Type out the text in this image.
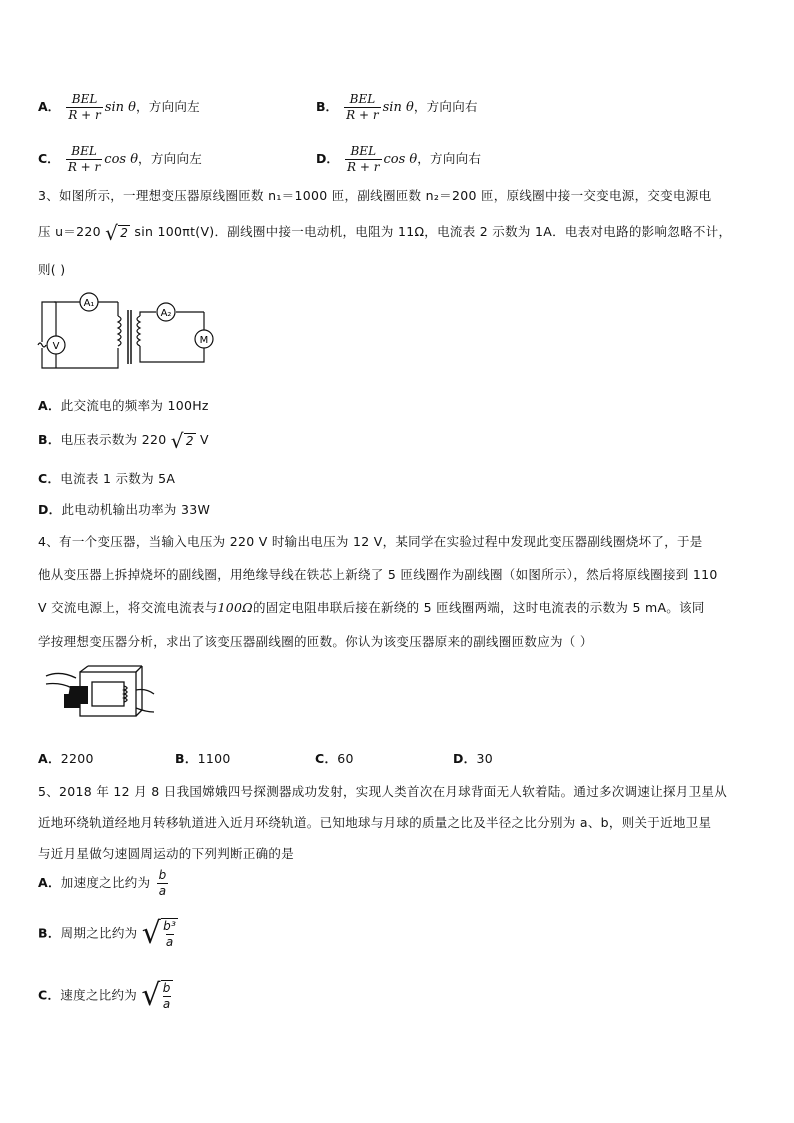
A． $\frac{\text{BEL}}{R + r}$ sin θ，方向向左	B． $\frac{\text{BEL}}{R + r}$ sin θ，方向向右
C． $\frac{\text{BEL}}{R + r}$ cos θ，方向向左	D． $\frac{\text{BEL}}{R + r}$ cos θ，方向向右
3、如图所示，一理想变压器原线圈匝数 n₁＝1000 匝，副线圈匝数 n₂＝200 匝，原线圈中接一交变电源，交变电源电
压 u＝220 √ 2 sin 100πt(V)．副线圈中接一电动机，电阻为 11Ω，电流表 2 示数为 1A．电表对电路的影响忽略不计，
则( )
A₁
V
A₂
M
A．此交流电的频率为 100Hz
B．电压表示数为 220 √ 2 V
C．电流表 1 示数为 5A
D．此电动机输出功率为 33W
4、有一个变压器，当输入电压为 220 V 时输出电压为 12 V，某同学在实验过程中发现此变压器副线圈烧坏了，于是
他从变压器上拆掉烧坏的副线圈，用绝缘导线在铁芯上新绕了 5 匝线圈作为副线圈（如图所示），然后将原线圈接到 110
V 交流电源上，将交流电流表与100Ω的固定电阻串联后接在新绕的 5 匝线圈两端，这时电流表的示数为 5 mA。该同
学按理想变压器分析，求出了该变压器副线圈的匝数。你认为该变压器原来的副线圈匝数应为（ ）
A．2200	B．1100	C．60	D．30
5、2018 年 12 月 8 日我国嫦娥四号探测器成功发射，实现人类首次在月球背面无人软着陆。通过多次调速让探月卫星从
近地环绕轨道经地月转移轨道进入近月环绕轨道。已知地球与月球的质量之比及半径之比分别为 a、b，则关于近地卫星
与近月星做匀速圆周运动的下列判断正确的是
A．加速度之比约为 $\frac{b}{a}$
B．周期之比约为 √ $\frac{\text{b³}}{a}$
C．速度之比约为 √ $\frac{b}{a}$
